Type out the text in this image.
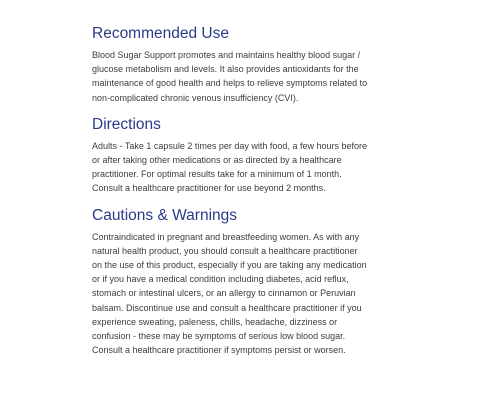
Recommended Use

Blood Sugar Support promotes and maintains healthy blood sugar /
glucose metabolism and levels. It also provides antioxidants for the
maintenance of good health and helps to relieve symptoms related to
non-complicated chronic venous insufficiency (CVI).

Directions

Adults - Take 1 capsule 2 times per day with food, a few hours before
or after taking other medications or as directed by a healthcare
practitioner. For optimal results take for a minimum of 1 month.
Consult a healthcare practitioner for use beyond 2 months.

Cautions & Warnings

Contraindicated in pregnant and breastfeeding women. As with any
natural health product, you should consult a healthcare practitioner
on the use of this product, especially if you are taking any medication
or if you have a medical condition including diabetes, acid reflux,
stomach or intestinal ulcers, or an allergy to cinnamon or Peruvian
balsam. Discontinue use and consult a healthcare practitioner if you
experience sweating, paleness, chills, headache, dizziness or
confusion - these may be symptoms of serious low blood sugar.
Consult a healthcare practitioner if symptoms persist or worsen.
